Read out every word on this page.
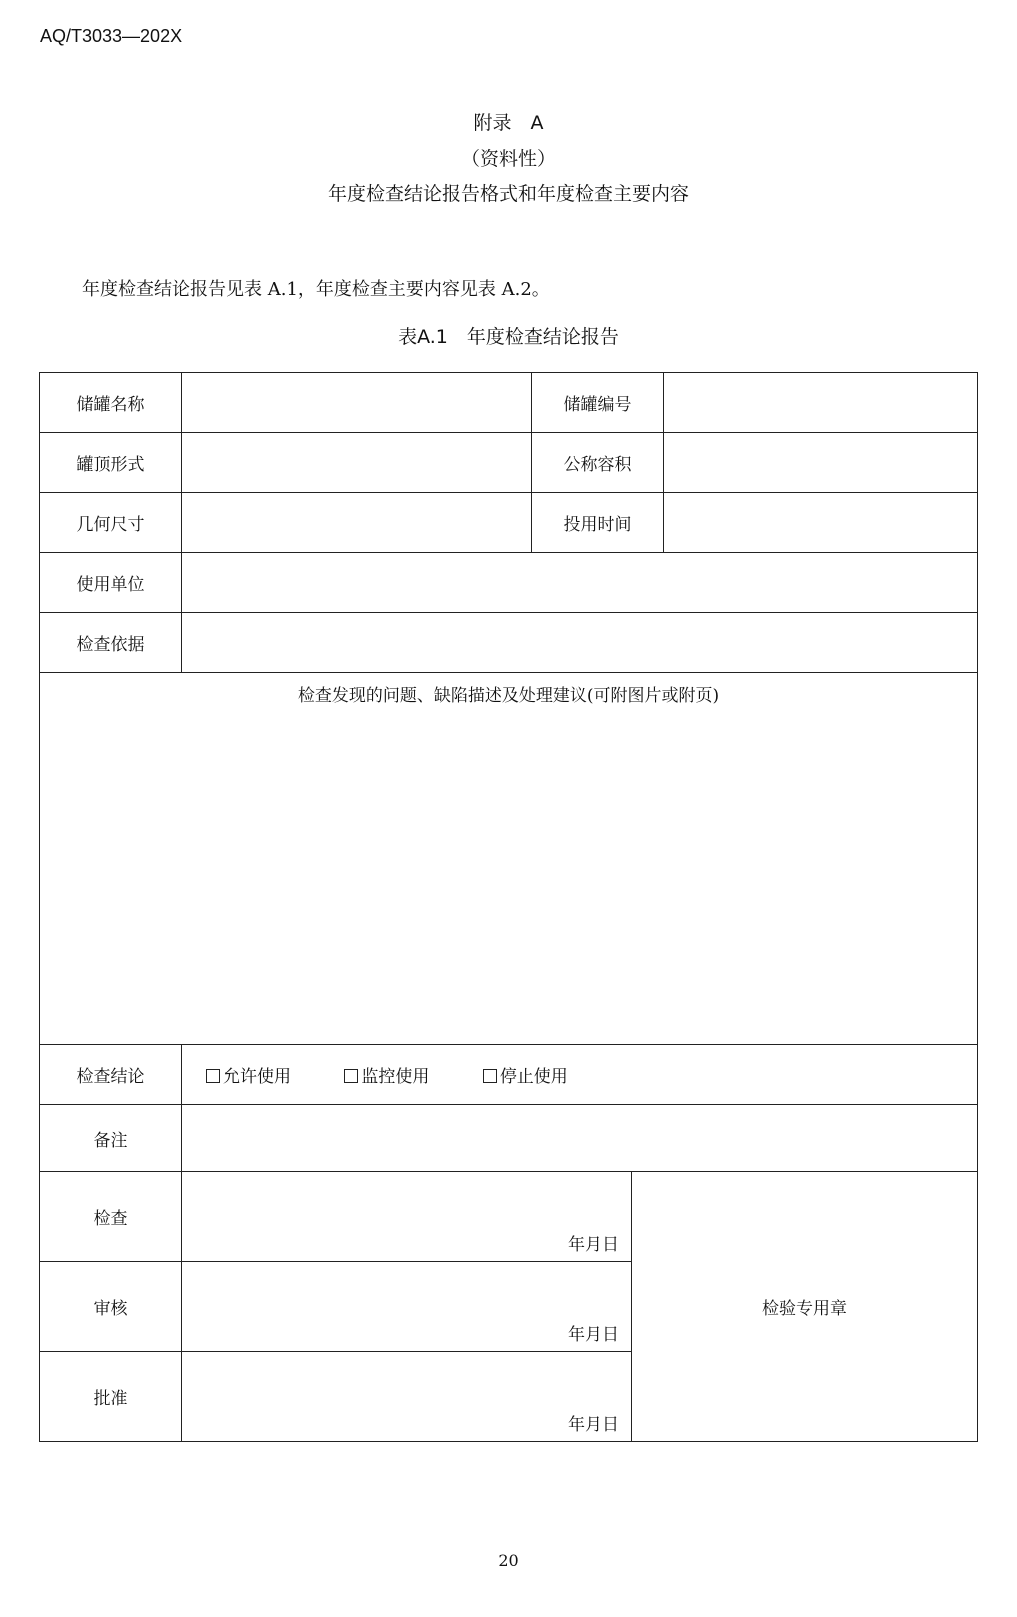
AQ/T3033—202X
附录　A
（资料性）
年度检查结论报告格式和年度检查主要内容
年度检查结论报告见表 A.1，年度检查主要内容见表 A.2。
表A.1　年度检查结论报告
储罐名称		储罐编号		
罐顶形式		公称容积		
几何尺寸		投用时间		
使用单位				
检查依据				

检查发现的问题、缺陷描述及处理建议(可附图片或附页)				

检查结论	允许使用 监控使用 停止使用			
备注				
检查	年月日		检验专用章	
审核	年月日			

批准	年月日			
20
